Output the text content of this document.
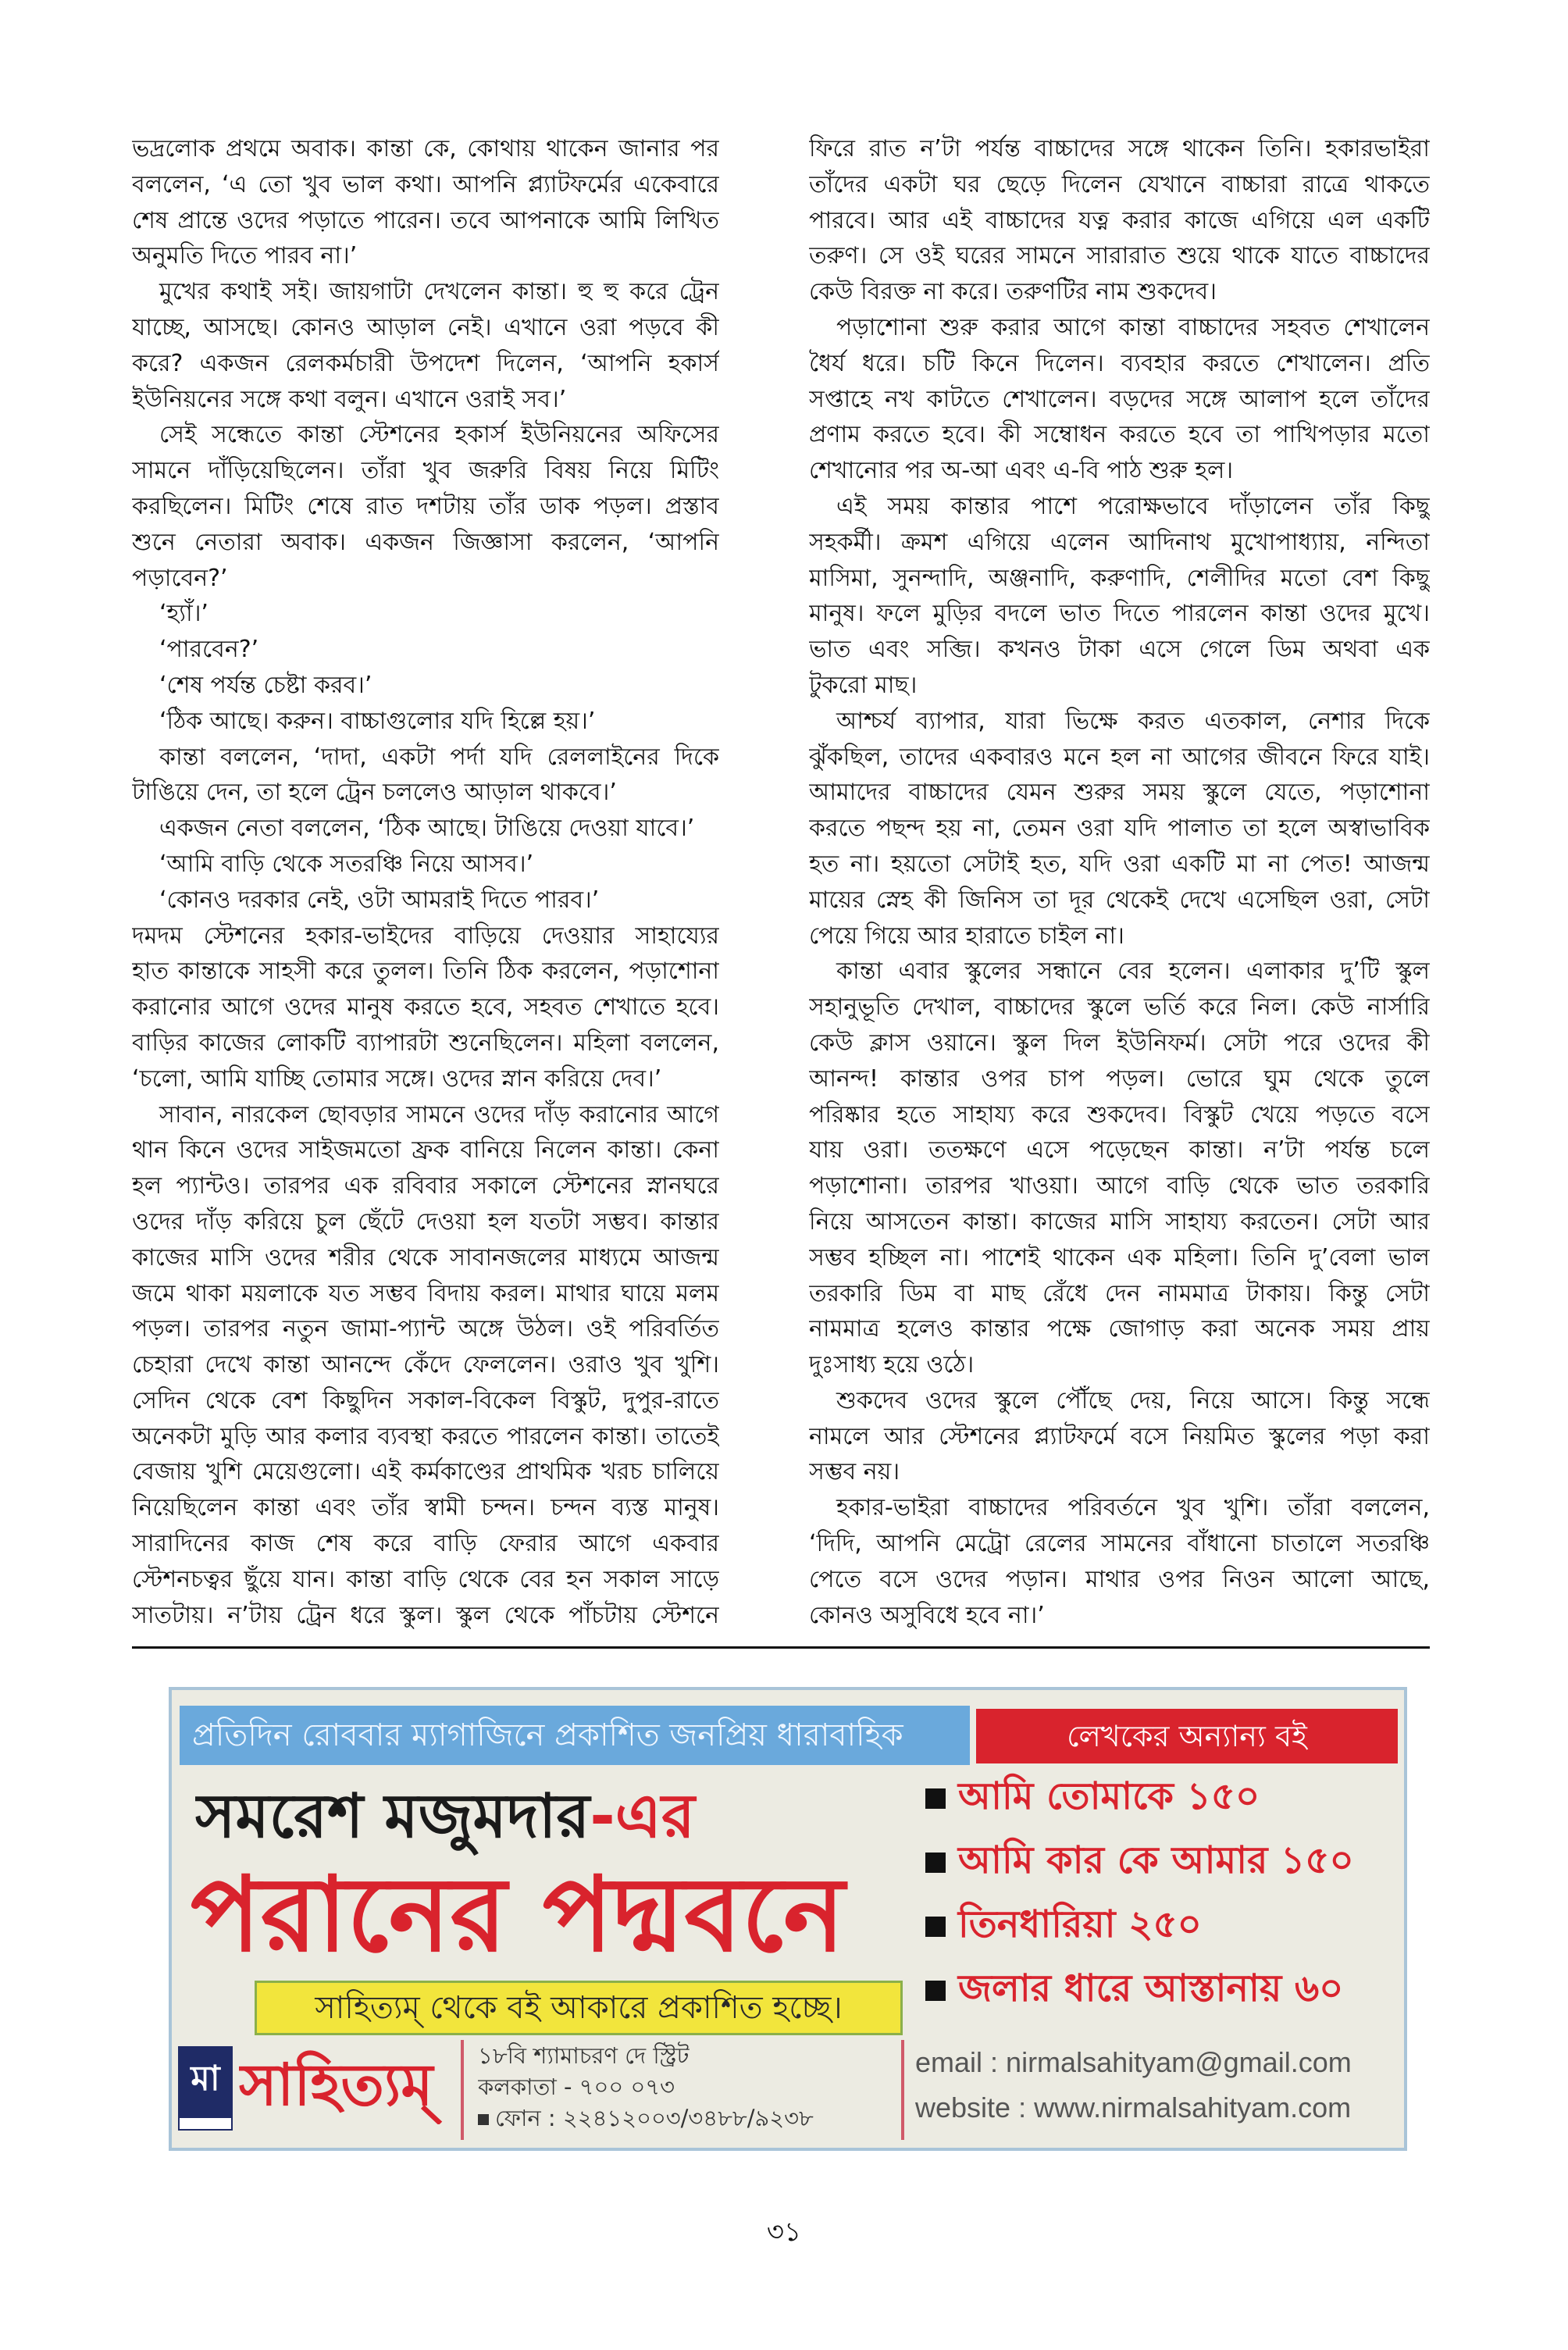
ভদ্রলোক প্রথমে অবাক। কান্তা কে, কোথায় থাকেন জানার পর
বললেন, ‘এ তো খুব ভাল কথা। আপনি প্ল্যাটফর্মের একেবারে
শেষ প্রান্তে ওদের পড়াতে পারেন। তবে আপনাকে আমি লিখিত
অনুমতি দিতে পারব না।’
মুখের কথাই সই। জায়গাটা দেখলেন কান্তা। হু হু করে ট্রেন
যাচ্ছে, আসছে। কোনও আড়াল নেই। এখানে ওরা পড়বে কী
করে? একজন রেলকর্মচারী উপদেশ দিলেন, ‘আপনি হকার্স
ইউনিয়নের সঙ্গে কথা বলুন। এখানে ওরাই সব।’
সেই সন্ধেতে কান্তা স্টেশনের হকার্স ইউনিয়নের অফিসের
সামনে দাঁড়িয়েছিলেন। তাঁরা খুব জরুরি বিষয় নিয়ে মিটিং
করছিলেন। মিটিং শেষে রাত দশটায় তাঁর ডাক পড়ল। প্রস্তাব
শুনে নেতারা অবাক। একজন জিজ্ঞাসা করলেন, ‘আপনি
পড়াবেন?’
‘হ্যাঁ।’
‘পারবেন?’
‘শেষ পর্যন্ত চেষ্টা করব।’
‘ঠিক আছে। করুন। বাচ্চাগুলোর যদি হিল্লে হয়।’
কান্তা বললেন, ‘দাদা, একটা পর্দা যদি রেললাইনের দিকে
টাঙিয়ে দেন, তা হলে ট্রেন চললেও আড়াল থাকবে।’
একজন নেতা বললেন, ‘ঠিক আছে। টাঙিয়ে দেওয়া যাবে।’
‘আমি বাড়ি থেকে সতরঞ্চি নিয়ে আসব।’
‘কোনও দরকার নেই, ওটা আমরাই দিতে পারব।’
দমদম স্টেশনের হকার-ভাইদের বাড়িয়ে দেওয়ার সাহায্যের
হাত কান্তাকে সাহসী করে তুলল। তিনি ঠিক করলেন, পড়াশোনা
করানোর আগে ওদের মানুষ করতে হবে, সহবত শেখাতে হবে।
বাড়ির কাজের লোকটি ব্যাপারটা শুনেছিলেন। মহিলা বললেন,
‘চলো, আমি যাচ্ছি তোমার সঙ্গে। ওদের স্নান করিয়ে দেব।’
সাবান, নারকেল ছোবড়ার সামনে ওদের দাঁড় করানোর আগে
থান কিনে ওদের সাইজমতো ফ্রক বানিয়ে নিলেন কান্তা। কেনা
হল প্যান্টও। তারপর এক রবিবার সকালে স্টেশনের স্নানঘরে
ওদের দাঁড় করিয়ে চুল ছেঁটে দেওয়া হল যতটা সম্ভব। কান্তার
কাজের মাসি ওদের শরীর থেকে সাবানজলের মাধ্যমে আজন্ম
জমে থাকা ময়লাকে যত সম্ভব বিদায় করল। মাথার ঘায়ে মলম
পড়ল। তারপর নতুন জামা-প্যান্ট অঙ্গে উঠল। ওই পরিবর্তিত
চেহারা দেখে কান্তা আনন্দে কেঁদে ফেললেন। ওরাও খুব খুশি।
সেদিন থেকে বেশ কিছুদিন সকাল-বিকেল বিস্কুট, দুপুর-রাতে
অনেকটা মুড়ি আর কলার ব্যবস্থা করতে পারলেন কান্তা। তাতেই
বেজায় খুশি মেয়েগুলো। এই কর্মকাণ্ডের প্রাথমিক খরচ চালিয়ে
নিয়েছিলেন কান্তা এবং তাঁর স্বামী চন্দন। চন্দন ব্যস্ত মানুষ।
সারাদিনের কাজ শেষ করে বাড়ি ফেরার আগে একবার
স্টেশনচত্বর ছুঁয়ে যান। কান্তা বাড়ি থেকে বের হন সকাল সাড়ে
সাতটায়। ন’টায় ট্রেন ধরে স্কুল। স্কুল থেকে পাঁচটায় স্টেশনে
ফিরে রাত ন’টা পর্যন্ত বাচ্চাদের সঙ্গে থাকেন তিনি। হকারভাইরা
তাঁদের একটা ঘর ছেড়ে দিলেন যেখানে বাচ্চারা রাত্রে থাকতে
পারবে। আর এই বাচ্চাদের যত্ন করার কাজে এগিয়ে এল একটি
তরুণ। সে ওই ঘরের সামনে সারারাত শুয়ে থাকে যাতে বাচ্চাদের
কেউ বিরক্ত না করে। তরুণটির নাম শুকদেব।
পড়াশোনা শুরু করার আগে কান্তা বাচ্চাদের সহবত শেখালেন
ধৈর্য ধরে। চটি কিনে দিলেন। ব্যবহার করতে শেখালেন। প্রতি
সপ্তাহে নখ কাটতে শেখালেন। বড়দের সঙ্গে আলাপ হলে তাঁদের
প্রণাম করতে হবে। কী সম্বোধন করতে হবে তা পাখিপড়ার মতো
শেখানোর পর অ-আ এবং এ-বি পাঠ শুরু হল।
এই সময় কান্তার পাশে পরোক্ষভাবে দাঁড়ালেন তাঁর কিছু
সহকর্মী। ক্রমশ এগিয়ে এলেন আদিনাথ মুখোপাধ্যায়, নন্দিতা
মাসিমা, সুনন্দাদি, অঞ্জনাদি, করুণাদি, শেলীদির মতো বেশ কিছু
মানুষ। ফলে মুড়ির বদলে ভাত দিতে পারলেন কান্তা ওদের মুখে।
ভাত এবং সব্জি। কখনও টাকা এসে গেলে ডিম অথবা এক
টুকরো মাছ।
আশ্চর্য ব্যাপার, যারা ভিক্ষে করত এতকাল, নেশার দিকে
ঝুঁকছিল, তাদের একবারও মনে হল না আগের জীবনে ফিরে যাই।
আমাদের বাচ্চাদের যেমন শুরুর সময় স্কুলে যেতে, পড়াশোনা
করতে পছন্দ হয় না, তেমন ওরা যদি পালাত তা হলে অস্বাভাবিক
হত না। হয়তো সেটাই হত, যদি ওরা একটি মা না পেত! আজন্ম
মায়ের স্নেহ কী জিনিস তা দূর থেকেই দেখে এসেছিল ওরা, সেটা
পেয়ে গিয়ে আর হারাতে চাইল না।
কান্তা এবার স্কুলের সন্ধানে বের হলেন। এলাকার দু’টি স্কুল
সহানুভূতি দেখাল, বাচ্চাদের স্কুলে ভর্তি করে নিল। কেউ নার্সারি
কেউ ক্লাস ওয়ানে। স্কুল দিল ইউনিফর্ম। সেটা পরে ওদের কী
আনন্দ! কান্তার ওপর চাপ পড়ল। ভোরে ঘুম থেকে তুলে
পরিষ্কার হতে সাহায্য করে শুকদেব। বিস্কুট খেয়ে পড়তে বসে
যায় ওরা। ততক্ষণে এসে পড়েছেন কান্তা। ন’টা পর্যন্ত চলে
পড়াশোনা। তারপর খাওয়া। আগে বাড়ি থেকে ভাত তরকারি
নিয়ে আসতেন কান্তা। কাজের মাসি সাহায্য করতেন। সেটা আর
সম্ভব হচ্ছিল না। পাশেই থাকেন এক মহিলা। তিনি দু’বেলা ভাল
তরকারি ডিম বা মাছ রেঁধে দেন নামমাত্র টাকায়। কিন্তু সেটা
নামমাত্র হলেও কান্তার পক্ষে জোগাড় করা অনেক সময় প্রায়
দুঃসাধ্য হয়ে ওঠে।
শুকদেব ওদের স্কুলে পৌঁছে দেয়, নিয়ে আসে। কিন্তু সন্ধে
নামলে আর স্টেশনের প্ল্যাটফর্মে বসে নিয়মিত স্কুলের পড়া করা
সম্ভব নয়।
হকার-ভাইরা বাচ্চাদের পরিবর্তনে খুব খুশি। তাঁরা বললেন,
‘দিদি, আপনি মেট্রো রেলের সামনের বাঁধানো চাতালে সতরঞ্চি
পেতে বসে ওদের পড়ান। মাথার ওপর নিওন আলো আছে,
কোনও অসুবিধে হবে না।’
প্রতিদিন রোববার ম্যাগাজিনে প্রকাশিত জনপ্রিয় ধারাবাহিক	লেখকের অন্যান্য বই
সমরেশ মজুমদার-এর
পরানের পদ্মবনে
সাহিত্যম্ থেকে বই আকারে প্রকাশিত হচ্ছে।
আমি তোমাকে ১৫০
আমি কার কে আমার ১৫০
তিনধারিয়া ২৫০
জলার ধারে আস্তানায় ৬০
মা সাহিত্যম্	১৮বি শ্যামাচরণ দে স্ট্রিট
কলকাতা - ৭০০ ০৭৩
ফোন : ২২৪১২০০৩/৩৪৮৮/৯২৩৮
email : nirmalsahityam@gmail.com
website : www.nirmalsahityam.com
৩১
